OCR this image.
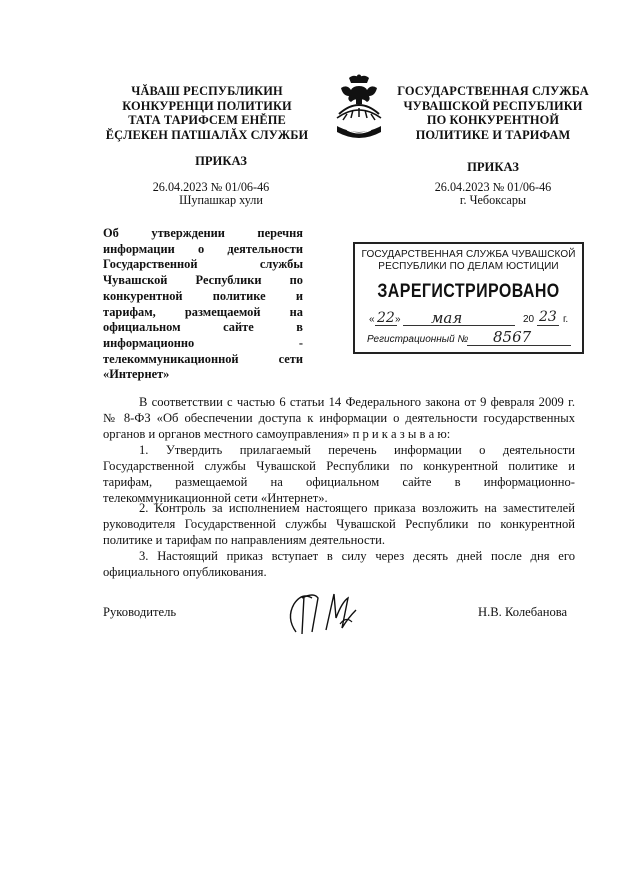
ЧĂВАШ РЕСПУБЛИКИН
КОНКУРЕНЦИ ПОЛИТИКИ
ТАТА ТАРИФСЕМ ЕНĔПЕ
ĔÇЛЕКЕН ПАТШАЛĂХ СЛУЖБИ
ПРИКАЗ
26.04.2023 № 01/06-46
Шупашкар хули
ГОСУДАРСТВЕННАЯ СЛУЖБА
ЧУВАШСКОЙ РЕСПУБЛИКИ
ПО КОНКУРЕНТНОЙ
ПОЛИТИКЕ И ТАРИФАМ
ПРИКАЗ
26.04.2023 № 01/06-46
г. Чебоксары
Об утверждении перечня
информации о деятельности
Государственной службы
Чувашской Республики по
конкурентной политике и
тарифам, размещаемой на
официальном сайте в
информационно -
телекоммуникационной сети
«Интернет»
ГОСУДАРСТВЕННАЯ СЛУЖБА ЧУВАШСКОЙ
РЕСПУБЛИКИ ПО ДЕЛАМ ЮСТИЦИИ
ЗАРЕГИСТРИРОВАНО
« 22 » мая	20 23 г.
Регистрационный № 8567
В соответствии с частью 6 статьи 14 Федерального закона от 9 февраля 2009 г. № 8-ФЗ «Об обеспечении доступа к информации о деятельности государственных органов и органов местного самоуправления» п р и к а з ы в а ю:
1. Утвердить прилагаемый перечень информации о деятельности Государственной службы Чувашской Республики по конкурентной политике и тарифам, размещаемой на официальном сайте в информационно-телекоммуникационной сети «Интернет».
2. Контроль за исполнением настоящего приказа возложить на заместителей руководителя Государственной службы Чувашской Республики по конкурентной политике и тарифам по направлениям деятельности.
3. Настоящий приказ вступает в силу через десять дней после дня его официального опубликования.
Руководитель	Н.В. Колебанова
